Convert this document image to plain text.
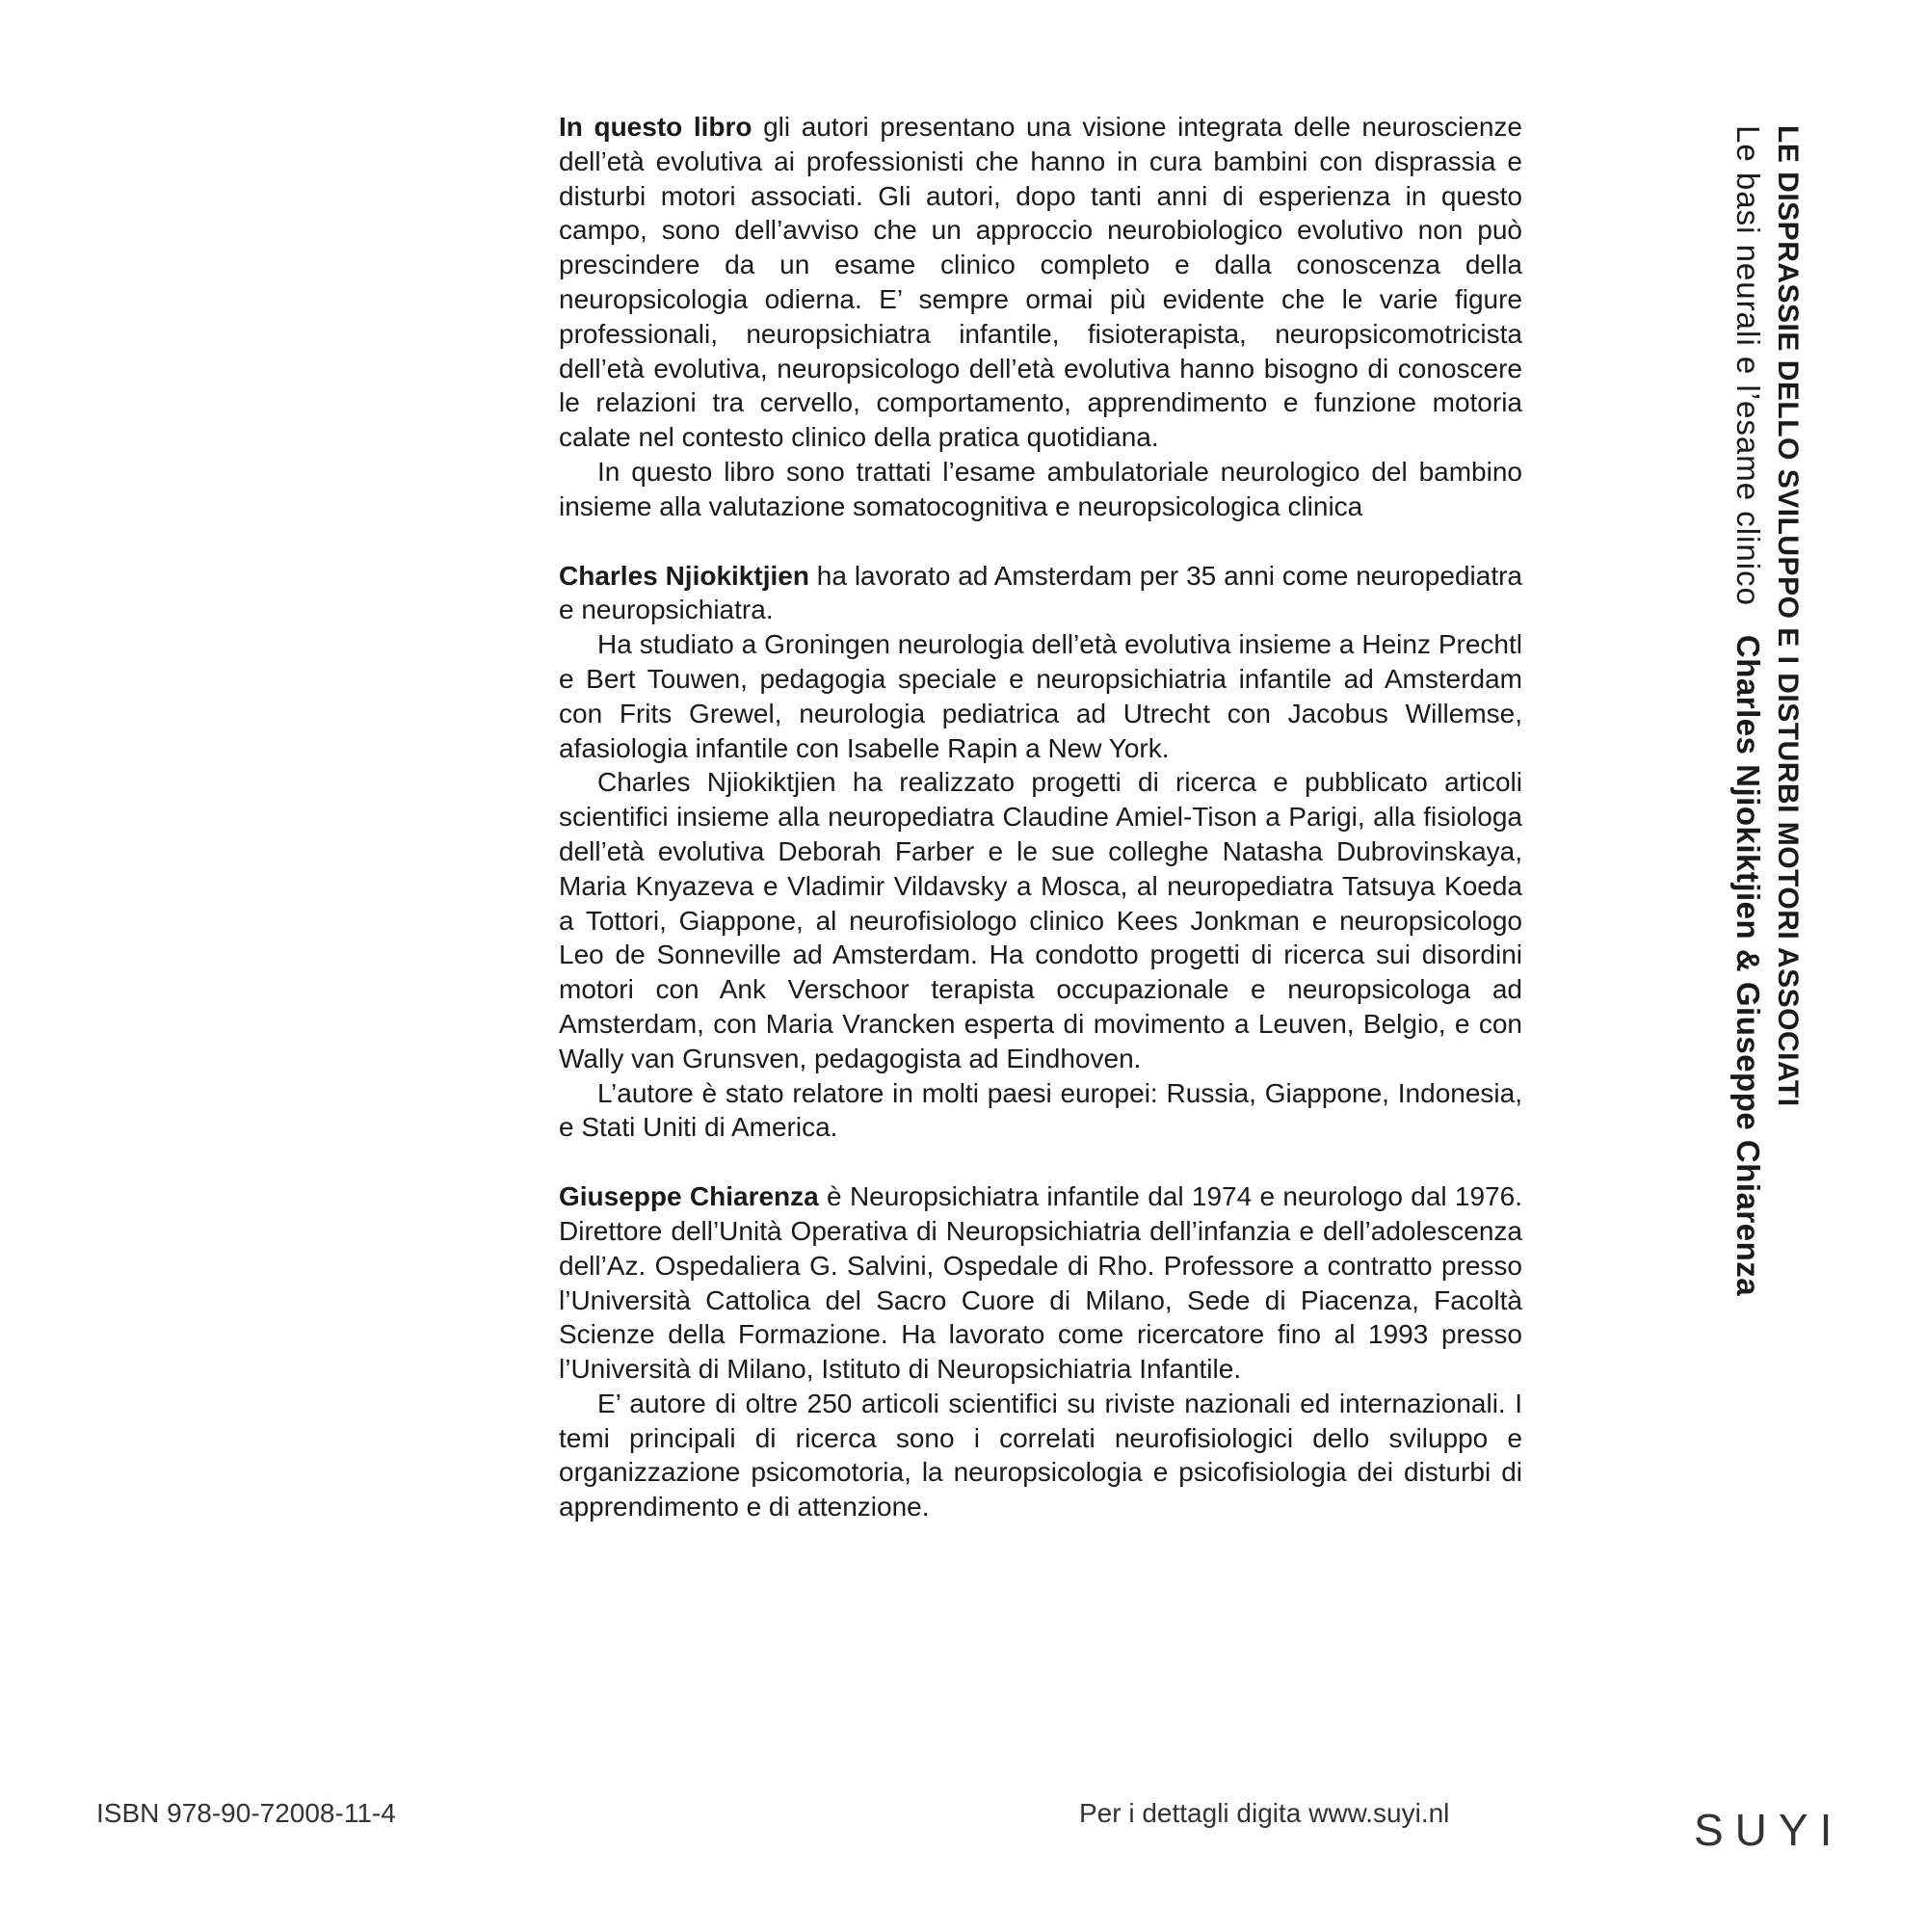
In questo libro gli autori presentano una visione integrata delle neuroscienze dell’età evolutiva ai professionisti che hanno in cura bambini con disprassia e disturbi motori associati. Gli autori, dopo tanti anni di esperienza in questo campo, sono dell’avviso che un approccio neurobiologico evolutivo non può prescindere da un esame clinico completo e dalla conoscenza della neuropsicologia odierna. E’ sempre ormai più evidente che le varie figure professionali, neuropsichiatra infantile, fisioterapista, neuropsicomotricista dell’età evolutiva, neuropsicologo dell’età evolutiva hanno bisogno di conoscere le relazioni tra cervello, comportamento, apprendimento e funzione motoria calate nel contesto clinico della pratica quotidiana.

In questo libro sono trattati l’esame ambulatoriale neurologico del bambino insieme alla valutazione somatocognitiva e neuropsicologica clinica

Charles Njiokiktjien ha lavorato ad Amsterdam per 35 anni come neuropediatra e neuropsichiatra.

Ha studiato a Groningen neurologia dell’età evolutiva insieme a Heinz Prechtl e Bert Touwen, pedagogia speciale e neuropsichiatria infantile ad Amsterdam con Frits Grewel, neurologia pediatrica ad Utrecht con Jacobus Willemse, afasiologia infantile con Isabelle Rapin a New York.

Charles Njiokiktjien ha realizzato progetti di ricerca e pubblicato articoli scientifici insieme alla neuropediatra Claudine Amiel-Tison a Parigi, alla fisiologa dell’età evolutiva Deborah Farber e le sue colleghe Natasha Dubrovinskaya, Maria Knyazeva e Vladimir Vildavsky a Mosca, al neuropediatra Tatsuya Koeda a Tottori, Giappone, al neurofisiologo clinico Kees Jonkman e neuropsicologo Leo de Sonneville ad Amsterdam. Ha condotto progetti di ricerca sui disordini motori con Ank Verschoor terapista occupazionale e neuropsicologa ad Amsterdam, con Maria Vrancken esperta di movimento a Leuven, Belgio, e con Wally van Grunsven, pedagogista ad Eindhoven.

L’autore è stato relatore in molti paesi europei: Russia, Giappone, Indonesia, e Stati Uniti di America.

Giuseppe Chiarenza è Neuropsichiatra infantile dal 1974 e neurologo dal 1976. Direttore dell’Unità Operativa di Neuropsichiatria dell’infanzia e dell’adolescenza dell’Az. Ospedaliera G. Salvini, Ospedale di Rho. Professore a contratto presso l’Università Cattolica del Sacro Cuore di Milano, Sede di Piacenza, Facoltà Scienze della Formazione. Ha lavorato come ricercatore fino al 1993 presso l’Università di Milano, Istituto di Neuropsichiatria Infantile.

E’ autore di oltre 250 articoli scientifici su riviste nazionali ed internazionali. I temi principali di ricerca sono i correlati neurofisiologici dello sviluppo e organizzazione psicomotoria, la neuropsicologia e psicofisiologia dei disturbi di apprendimento e di attenzione.

LE DISPRASSIE DELLO SVILUPPO E I DISTURBI MOTORI ASSOCIATI
Le basi neurali e l’esame clinicoCharles Njiokiktjien & Giuseppe Chiarenza
ISBN 978-90-72008-11-4	Per i dettagli digita www.suyi.nl	SUYI
